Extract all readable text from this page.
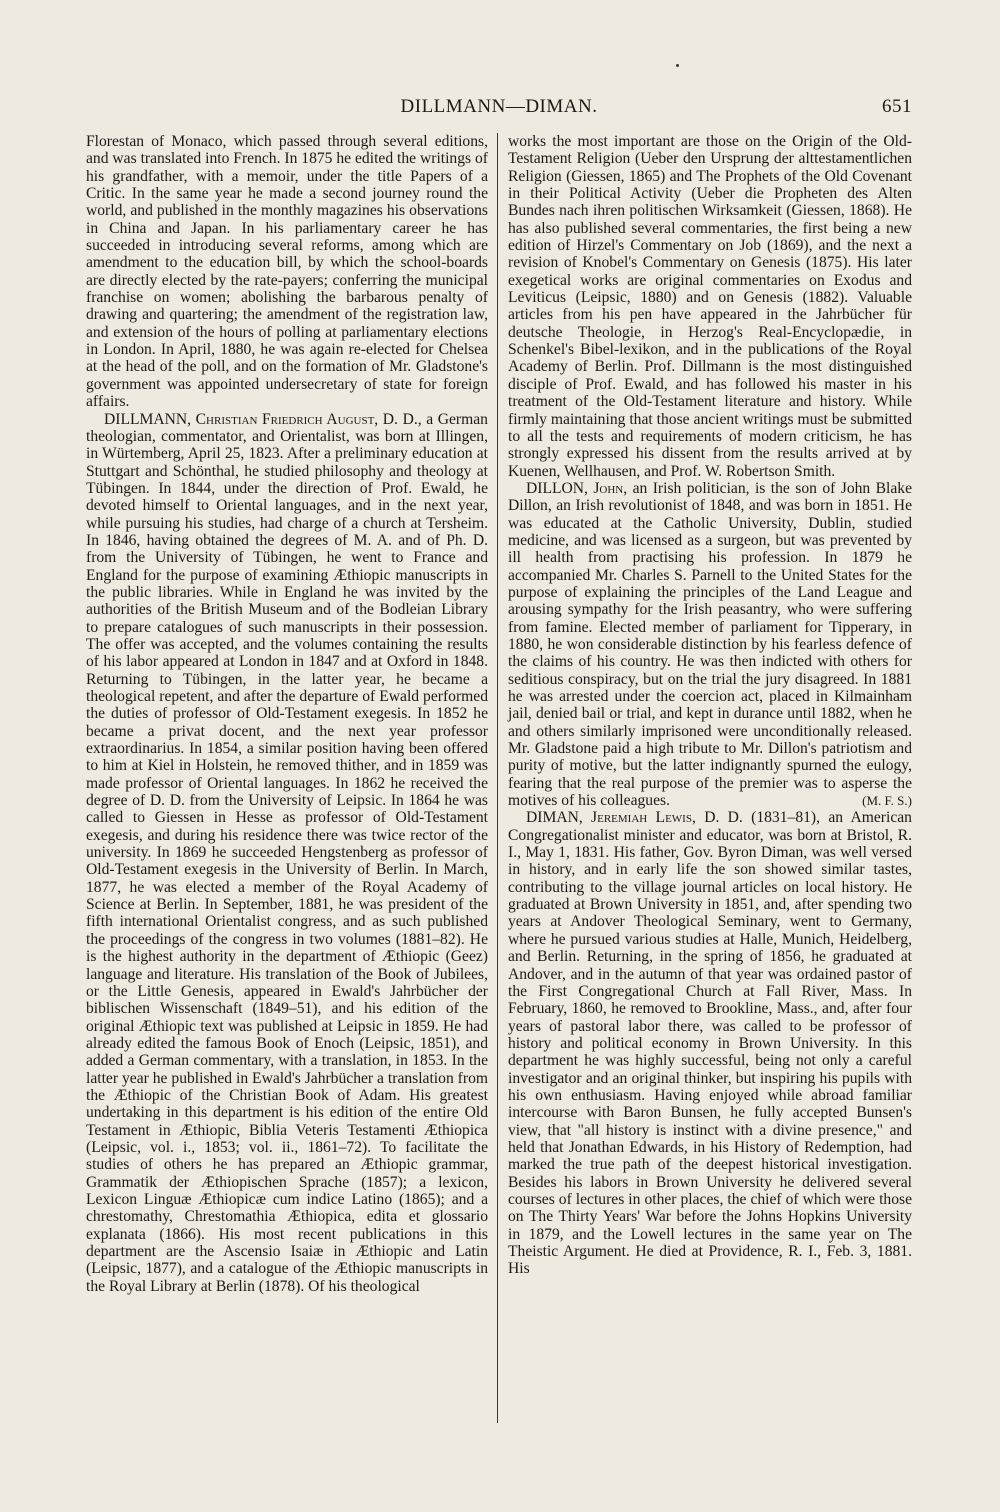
DILLMANN—DIMAN.	651

Florestan of Monaco, which passed through several editions, and was translated into French. In 1875 he edited the writings of his grandfather, with a memoir, under the title Papers of a Critic. In the same year he made a second journey round the world, and published in the monthly magazines his observations in China and Japan. In his parliamentary career he has succeeded in introducing several reforms, among which are amendment to the education bill, by which the school-boards are directly elected by the rate-payers; conferring the municipal franchise on women; abolishing the barbarous penalty of drawing and quartering; the amendment of the registration law, and extension of the hours of polling at parliamentary elections in London. In April, 1880, he was again re-elected for Chelsea at the head of the poll, and on the formation of Mr. Gladstone's government was appointed undersecretary of state for foreign affairs.

DILLMANN, Christian Friedrich August, D. D., a German theologian, commentator, and Orientalist, was born at Illingen, in Würtemberg, April 25, 1823. After a preliminary education at Stuttgart and Schönthal, he studied philosophy and theology at Tübingen. In 1844, under the direction of Prof. Ewald, he devoted himself to Oriental languages, and in the next year, while pursuing his studies, had charge of a church at Tersheim. In 1846, having obtained the degrees of M. A. and of Ph. D. from the University of Tübingen, he went to France and England for the purpose of examining Æthiopic manuscripts in the public libraries. While in England he was invited by the authorities of the British Museum and of the Bodleian Library to prepare catalogues of such manuscripts in their possession. The offer was accepted, and the volumes containing the results of his labor appeared at London in 1847 and at Oxford in 1848. Returning to Tübingen, in the latter year, he became a theological repetent, and after the departure of Ewald performed the duties of professor of Old-Testament exegesis. In 1852 he became a privat docent, and the next year professor extraordinarius. In 1854, a similar position having been offered to him at Kiel in Holstein, he removed thither, and in 1859 was made professor of Oriental languages. In 1862 he received the degree of D. D. from the University of Leipsic. In 1864 he was called to Giessen in Hesse as professor of Old-Testament exegesis, and during his residence there was twice rector of the university. In 1869 he succeeded Hengstenberg as professor of Old-Testament exegesis in the University of Berlin. In March, 1877, he was elected a member of the Royal Academy of Science at Berlin. In September, 1881, he was president of the fifth international Orientalist congress, and as such published the proceedings of the congress in two volumes (1881–82). He is the highest authority in the department of Æthiopic (Geez) language and literature. His translation of the Book of Jubilees, or the Little Genesis, appeared in Ewald's Jahrbücher der biblischen Wissenschaft (1849–51), and his edition of the original Æthiopic text was published at Leipsic in 1859. He had already edited the famous Book of Enoch (Leipsic, 1851), and added a German commentary, with a translation, in 1853. In the latter year he published in Ewald's Jahrbücher a translation from the Æthiopic of the Christian Book of Adam. His greatest undertaking in this department is his edition of the entire Old Testament in Æthiopic, Biblia Veteris Testamenti Æthiopica (Leipsic, vol. i., 1853; vol. ii., 1861–72). To facilitate the studies of others he has prepared an Æthiopic grammar, Grammatik der Æthiopischen Sprache (1857); a lexicon, Lexicon Linguæ Æthiopicæ cum indice Latino (1865); and a chrestomathy, Chrestomathia Æthiopica, edita et glossario explanata (1866). His most recent publications in this department are the Ascensio Isaiæ in Æthiopic and Latin (Leipsic, 1877), and a catalogue of the Æthiopic manuscripts in the Royal Library at Berlin (1878). Of his theological

works the most important are those on the Origin of the Old-Testament Religion (Ueber den Ursprung der alttestamentlichen Religion (Giessen, 1865) and The Prophets of the Old Covenant in their Political Activity (Ueber die Propheten des Alten Bundes nach ihren politischen Wirksamkeit (Giessen, 1868). He has also published several commentaries, the first being a new edition of Hirzel's Commentary on Job (1869), and the next a revision of Knobel's Commentary on Genesis (1875). His later exegetical works are original commentaries on Exodus and Leviticus (Leipsic, 1880) and on Genesis (1882). Valuable articles from his pen have appeared in the Jahrbücher für deutsche Theologie, in Herzog's Real-Encyclopædie, in Schenkel's Bibel-lexikon, and in the publications of the Royal Academy of Berlin. Prof. Dillmann is the most distinguished disciple of Prof. Ewald, and has followed his master in his treatment of the Old-Testament literature and history. While firmly maintaining that those ancient writings must be submitted to all the tests and requirements of modern criticism, he has strongly expressed his dissent from the results arrived at by Kuenen, Wellhausen, and Prof. W. Robertson Smith.

DILLON, John, an Irish politician, is the son of John Blake Dillon, an Irish revolutionist of 1848, and was born in 1851. He was educated at the Catholic University, Dublin, studied medicine, and was licensed as a surgeon, but was prevented by ill health from practising his profession. In 1879 he accompanied Mr. Charles S. Parnell to the United States for the purpose of explaining the principles of the Land League and arousing sympathy for the Irish peasantry, who were suffering from famine. Elected member of parliament for Tipperary, in 1880, he won considerable distinction by his fearless defence of the claims of his country. He was then indicted with others for seditious conspiracy, but on the trial the jury disagreed. In 1881 he was arrested under the coercion act, placed in Kilmainham jail, denied bail or trial, and kept in durance until 1882, when he and others similarly imprisoned were unconditionally released. Mr. Gladstone paid a high tribute to Mr. Dillon's patriotism and purity of motive, but the latter indignantly spurned the eulogy, fearing that the real purpose of the premier was to asperse the motives of his colleagues.	(M. F. S.)

DIMAN, Jeremiah Lewis, D. D. (1831–81), an American Congregationalist minister and educator, was born at Bristol, R. I., May 1, 1831. His father, Gov. Byron Diman, was well versed in history, and in early life the son showed similar tastes, contributing to the village journal articles on local history. He graduated at Brown University in 1851, and, after spending two years at Andover Theological Seminary, went to Germany, where he pursued various studies at Halle, Munich, Heidelberg, and Berlin. Returning, in the spring of 1856, he graduated at Andover, and in the autumn of that year was ordained pastor of the First Congregational Church at Fall River, Mass. In February, 1860, he removed to Brookline, Mass., and, after four years of pastoral labor there, was called to be professor of history and political economy in Brown University. In this department he was highly successful, being not only a careful investigator and an original thinker, but inspiring his pupils with his own enthusiasm. Having enjoyed while abroad familiar intercourse with Baron Bunsen, he fully accepted Bunsen's view, that "all history is instinct with a divine presence," and held that Jonathan Edwards, in his History of Redemption, had marked the true path of the deepest historical investigation. Besides his labors in Brown University he delivered several courses of lectures in other places, the chief of which were those on The Thirty Years' War before the Johns Hopkins University in 1879, and the Lowell lectures in the same year on The Theistic Argument. He died at Providence, R. I., Feb. 3, 1881. His
